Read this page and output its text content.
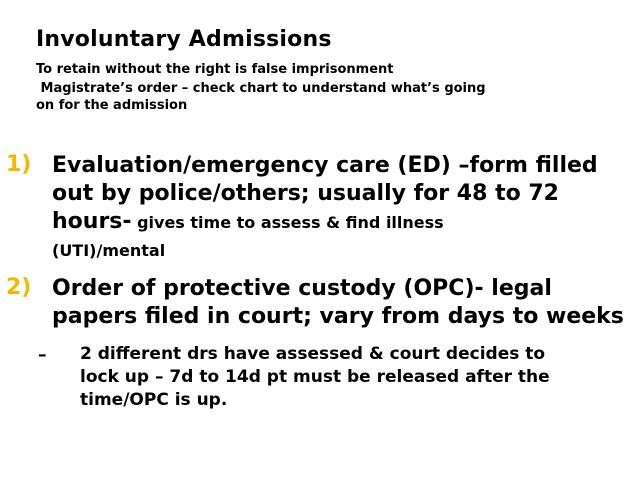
Involuntary Admissions
To retain without the right is false imprisonment
Magistrate’s order – check chart to understand what’s going
on for the admission
1) Evaluation/emergency care (ED) –form filled
out by police/others; usually for 48 to 72
hours- gives time to assess & find illness
(UTI)/mental
2) Order of protective custody (OPC)- legal
papers filed in court; vary from days to weeks
– 2 different drs have assessed & court decides to
lock up – 7d to 14d pt must be released after the
time/OPC is up.
